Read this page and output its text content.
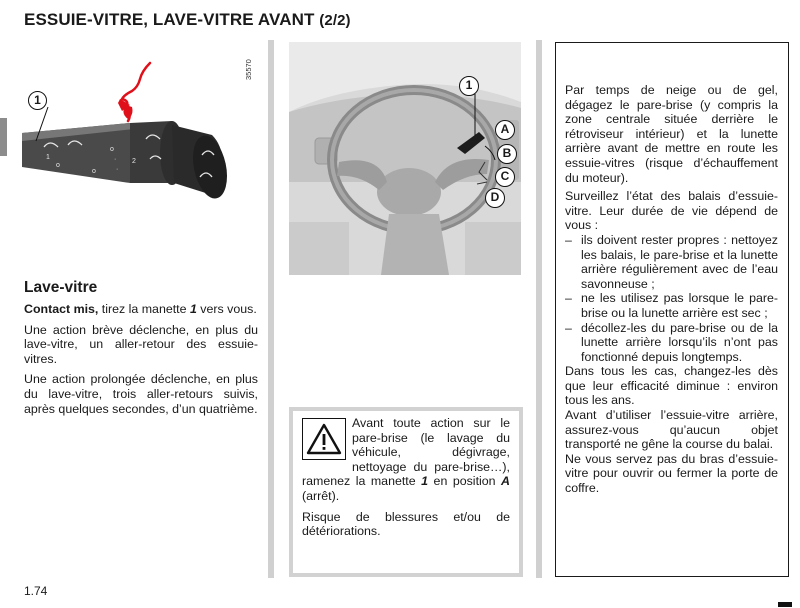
ESSUIE-VITRE, LAVE-VITRE AVANT (2/2)
35570
o
·
·
1
o
2
o
1
Lave-vitre

Contact mis, tirez la manette 1 vers vous.

Une action brève déclenche, en plus du lave-vitre, un aller-retour des essuie-vitres.

Une action prolongée déclenche, en plus du lave-vitre, trois aller-retours suivis, après quelques secondes, d’un quatrième.

1
A
B
C
D

Avant toute action sur le pare-brise (le lavage du véhicule, dégivrage, nettoyage du pare-brise…), ramenez la manette 1 en position A (arrêt).

Risque de blessures et/ou de détériorations.

Par temps de neige ou de gel, dégagez le pare-brise (y compris la zone centrale située derrière le rétroviseur intérieur) et la lunette arrière avant de mettre en route les essuie-vitres (risque d’échauffement du moteur).

Surveillez l’état des balais d’essuie-vitre. Leur durée de vie dépend de vous :

– ils doivent rester propres : nettoyez les balais, le pare-brise et la lunette arrière régulièrement avec de l’eau savonneuse ;
– ne les utilisez pas lorsque le pare-brise ou la lunette arrière est sec ;
– décollez-les du pare-brise ou de la lunette arrière lorsqu’ils n’ont pas fonctionné depuis longtemps.

Dans tous les cas, changez-les dès que leur efficacité diminue : environ tous les ans.

Avant d’utiliser l’essuie-vitre arrière, assurez-vous qu’aucun objet transporté ne gêne la course du balai.

Ne vous servez pas du bras d’essuie-vitre pour ouvrir ou fermer la porte de coffre.

1.74
